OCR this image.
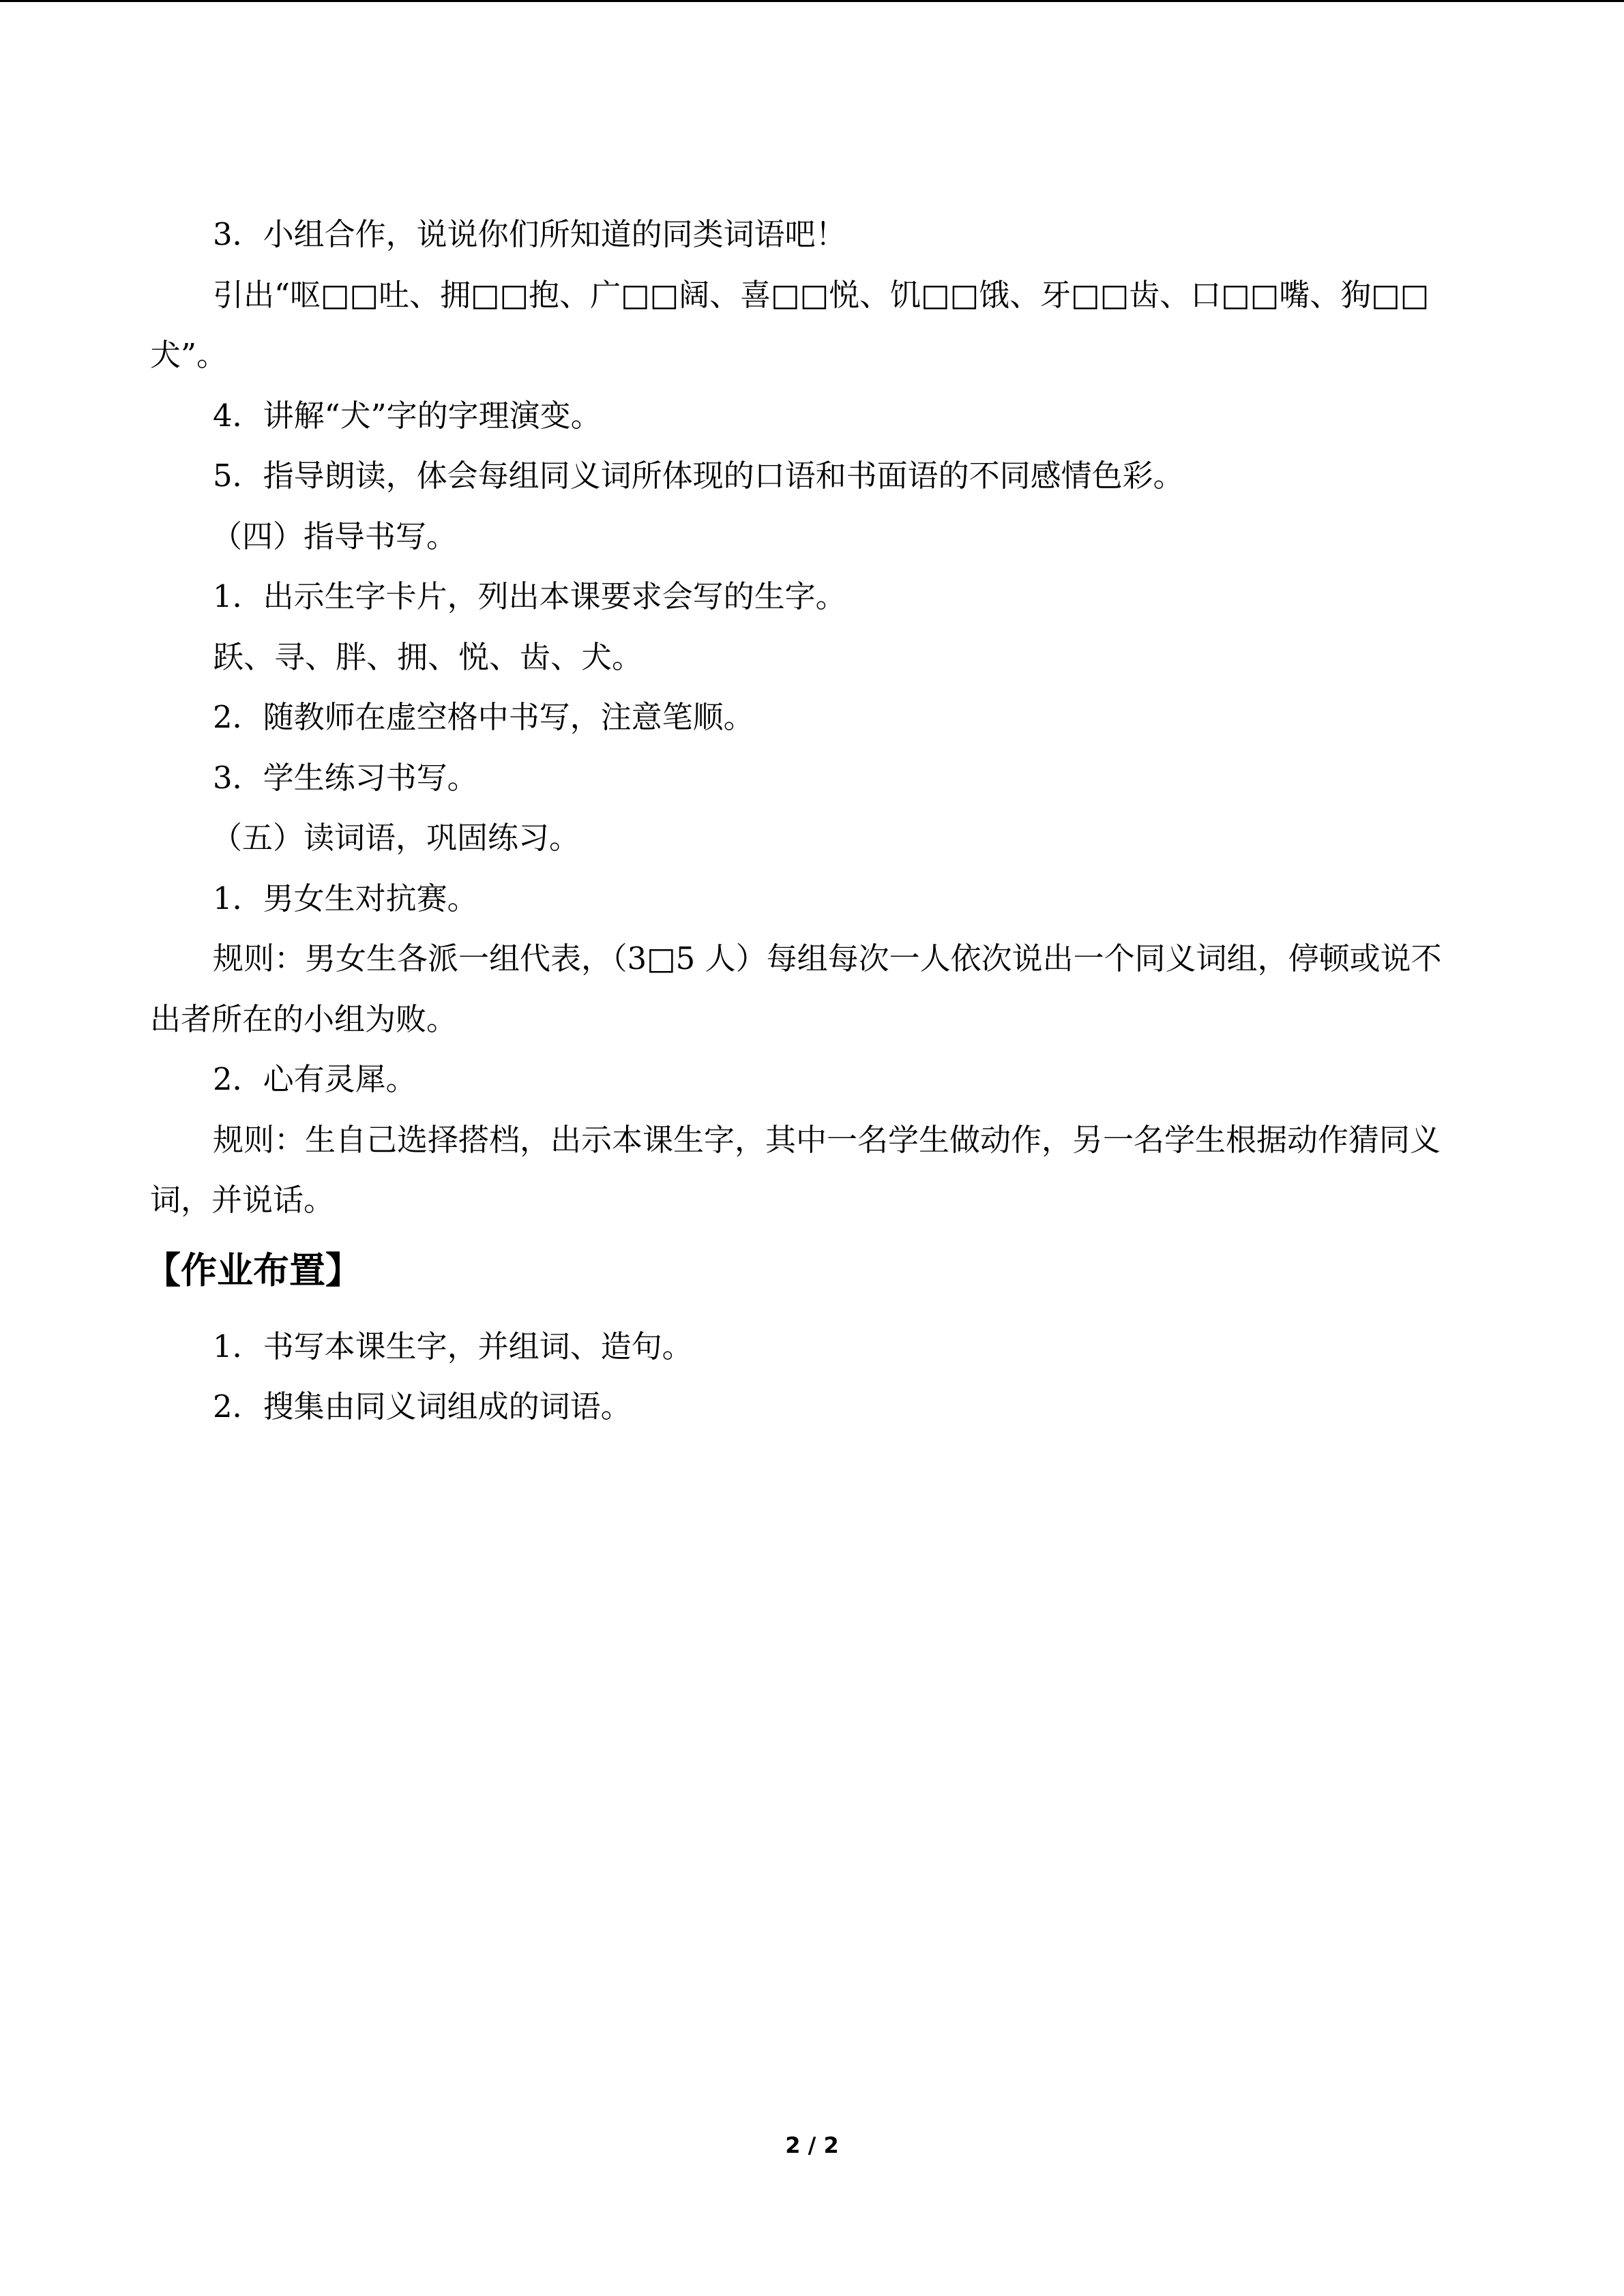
3．小组合作，说说你们所知道的同类词语吧！

引出“呕□□吐、拥□□抱、广□□阔、喜□□悦、饥□□饿、牙□□齿、口□□嘴、狗□□犬”。

4．讲解“犬”字的字理演变。

5．指导朗读，体会每组同义词所体现的口语和书面语的不同感情色彩。

（四）指导书写。

1．出示生字卡片，列出本课要求会写的生字。

跃、寻、胖、拥、悦、齿、犬。

2．随教师在虚空格中书写，注意笔顺。

3．学生练习书写。

（五）读词语，巩固练习。

1．男女生对抗赛。

规则：男女生各派一组代表，（3□5 人）每组每次一人依次说出一个同义词组，停顿或说不出者所在的小组为败。

2．心有灵犀。

规则：生自己选择搭档，出示本课生字，其中一名学生做动作，另一名学生根据动作猜同义词，并说话。

【作业布置】

1．书写本课生字，并组词、造句。

2．搜集由同义词组成的词语。

2 / 2
